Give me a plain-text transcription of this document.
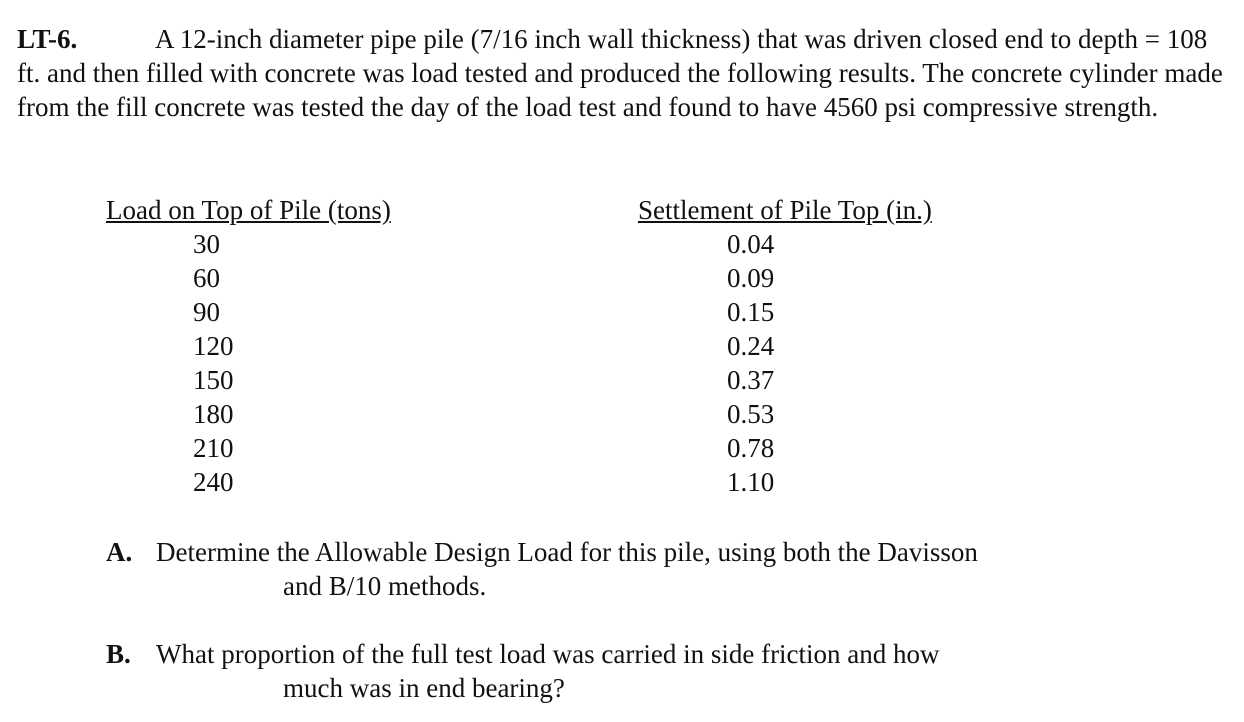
LT-6.	A 12-inch diameter pipe pile (7/16 inch wall thickness) that was driven closed end to depth = 108 ft. and then filled with concrete was load tested and produced the following results. The concrete cylinder made from the fill concrete was tested the day of the load test and found to have 4560 psi compressive strength.
Load on Top of Pile (tons)	Settlement of Pile Top (in.)
30
60
90
120
150
180
210
240
0.04
0.09
0.15
0.24
0.37
0.53
0.78
1.10
A. Determine the Allowable Design Load for this pile, using both the Davisson
and B/10 methods.
B. What proportion of the full test load was carried in side friction and how
much was in end bearing?
